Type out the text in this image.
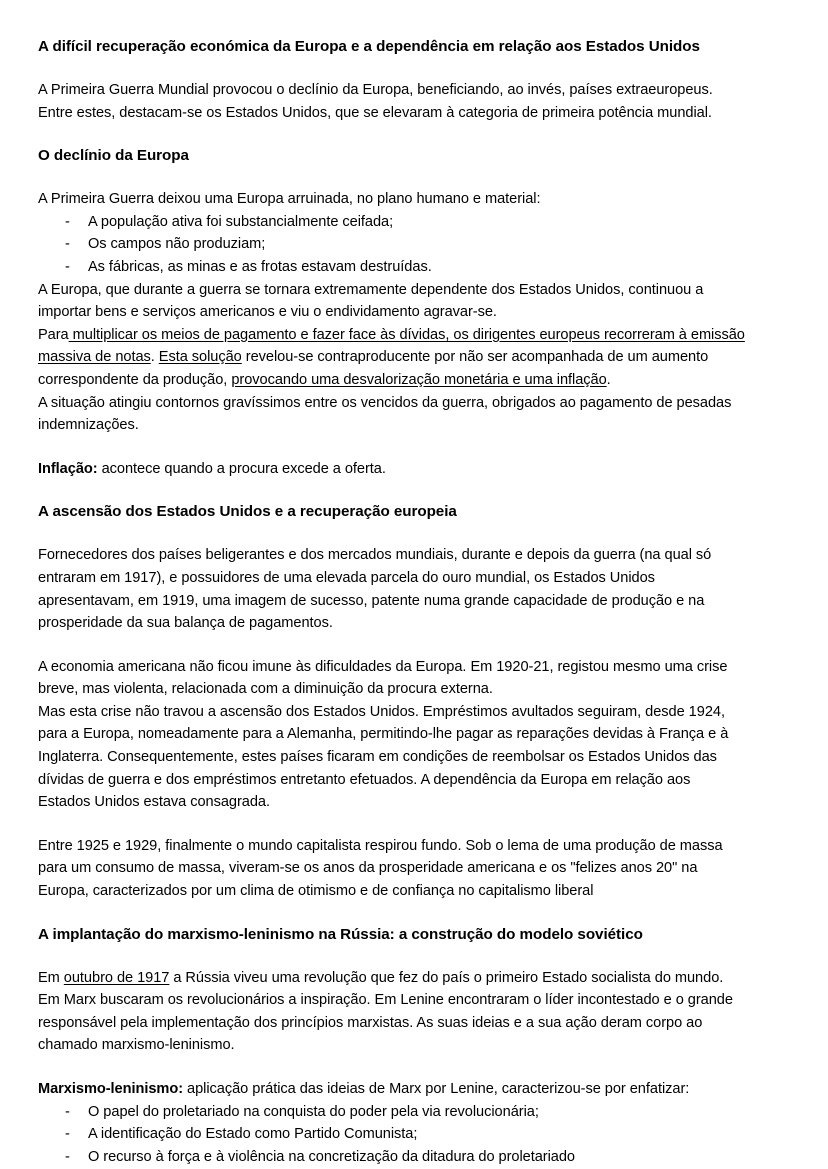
A difícil recuperação económica da Europa e a dependência em relação aos Estados Unidos

A Primeira Guerra Mundial provocou o declínio da Europa, beneficiando, ao invés, países extraeuropeus.
Entre estes, destacam-se os Estados Unidos, que se elevaram à categoria de primeira potência mundial.

O declínio da Europa

A Primeira Guerra deixou uma Europa arruinada, no plano humano e material:

- A população ativa foi substancialmente ceifada;
- Os campos não produziam;
- As fábricas, as minas e as frotas estavam destruídas.

A Europa, que durante a guerra se tornara extremamente dependente dos Estados Unidos, continuou a
importar bens e serviços americanos e viu o endividamento agravar-se.

Para multiplicar os meios de pagamento e fazer face às dívidas, os dirigentes europeus recorreram à emissão
massiva de notas. Esta solução revelou-se contraproducente por não ser acompanhada de um aumento
correspondente da produção, provocando uma desvalorização monetária e uma inflação.

A situação atingiu contornos gravíssimos entre os vencidos da guerra, obrigados ao pagamento de pesadas
indemnizações.

Inflação: acontece quando a procura excede a oferta.

A ascensão dos Estados Unidos e a recuperação europeia

Fornecedores dos países beligerantes e dos mercados mundiais, durante e depois da guerra (na qual só
entraram em 1917), e possuidores de uma elevada parcela do ouro mundial, os Estados Unidos
apresentavam, em 1919, uma imagem de sucesso, patente numa grande capacidade de produção e na
prosperidade da sua balança de pagamentos.

A economia americana não ficou imune às dificuldades da Europa. Em 1920-21, registou mesmo uma crise
breve, mas violenta, relacionada com a diminuição da procura externa.
Mas esta crise não travou a ascensão dos Estados Unidos. Empréstimos avultados seguiram, desde 1924,
para a Europa, nomeadamente para a Alemanha, permitindo-lhe pagar as reparações devidas à França e à
Inglaterra. Consequentemente, estes países ficaram em condições de reembolsar os Estados Unidos das
dívidas de guerra e dos empréstimos entretanto efetuados. A dependência da Europa em relação aos
Estados Unidos estava consagrada.

Entre 1925 e 1929, finalmente o mundo capitalista respirou fundo. Sob o lema de uma produção de massa
para um consumo de massa, viveram-se os anos da prosperidade americana e os "felizes anos 20" na
Europa, caracterizados por um clima de otimismo e de confiança no capitalismo liberal

A implantação do marxismo-leninismo na Rússia: a construção do modelo soviético

Em outubro de 1917 a Rússia viveu uma revolução que fez do país o primeiro Estado socialista do mundo.
Em Marx buscaram os revolucionários a inspiração. Em Lenine encontraram o líder incontestado e o grande
responsável pela implementação dos princípios marxistas. As suas ideias e a sua ação deram corpo ao
chamado marxismo-leninismo.

Marxismo-leninismo: aplicação prática das ideias de Marx por Lenine, caracterizou-se por enfatizar:

- O papel do proletariado na conquista do poder pela via revolucionária;
- A identificação do Estado como Partido Comunista;
- O recurso à força e à violência na concretização da ditadura do proletariado
